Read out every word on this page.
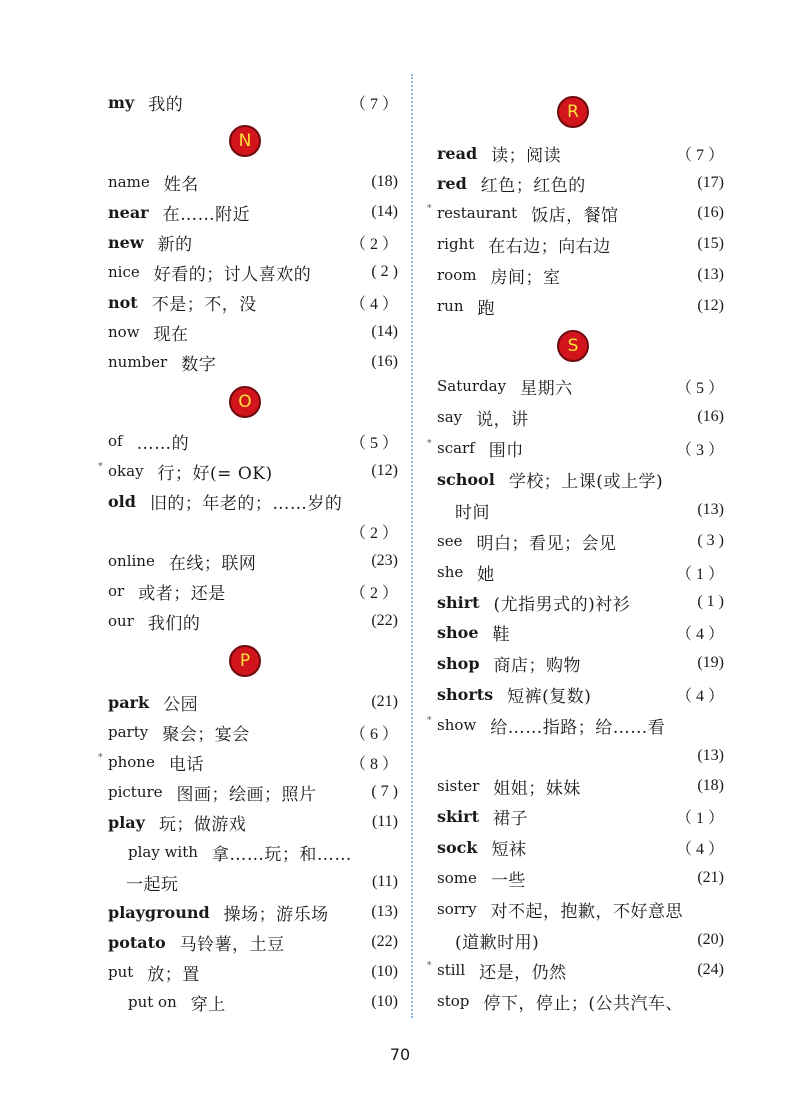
my 我的	（ 7 ）
N
name 姓名	(18)
near 在……附近	(14)
new 新的	（ 2 ）
nice 好看的；讨人喜欢的	( 2 )
not 不是；不，没	（ 4 ）
now 现在	(14)
number 数字	(16)
O
of ……的	（ 5 ）
* okay 行；好(= OK)	(12)
old 旧的；年老的；……岁的
（ 2 ）
online 在线；联网	(23)
or 或者；还是	（ 2 ）
our 我们的	(22)
P
park 公园	(21)
party 聚会；宴会	（ 6 ）
* phone 电话	（ 8 ）
picture 图画；绘画；照片	( 7 )
play 玩；做游戏	(11)
play with 拿……玩；和……
一起玩	(11)
playground 操场；游乐场	(13)
potato 马铃薯，土豆	(22)
put 放；置	(10)
put on 穿上	(10)
R
read 读；阅读	（ 7 ）
red 红色；红色的	(17)
* restaurant 饭店，餐馆	(16)
right 在右边；向右边	(15)
room 房间；室	(13)
run 跑	(12)
S
Saturday 星期六	（ 5 ）
say 说，讲	(16)
* scarf 围巾	（ 3 ）
school 学校；上课(或上学)
时间	(13)
see 明白；看见；会见	( 3 )
she 她	（ 1 ）
shirt (尤指男式的)衬衫	( 1 )
shoe 鞋	（ 4 ）
shop 商店；购物	(19)
shorts 短裤(复数)	（ 4 ）
* show 给……指路；给……看
(13)
sister 姐姐；妹妹	(18)
skirt 裙子	（ 1 ）
sock 短袜	（ 4 ）
some 一些	(21)
sorry 对不起，抱歉，不好意思
(道歉时用)	(20)
* still 还是，仍然	(24)
stop 停下，停止；(公共汽车、
70
